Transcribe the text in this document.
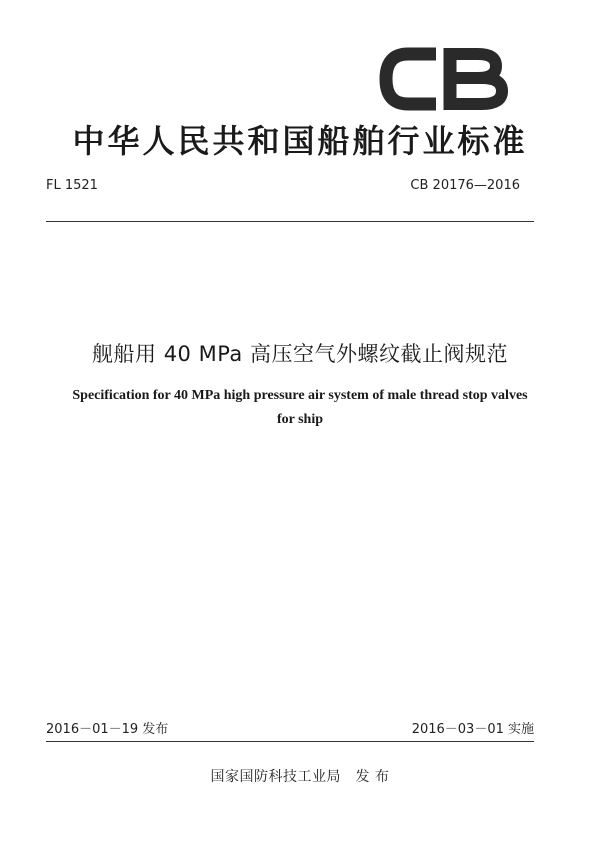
中华人民共和国船舶行业标准
FL 1521	CB 20176—2016
舰船用 40 MPa 高压空气外螺纹截止阀规范
Specification for 40 MPa high pressure air system of male thread stop valves
for ship
2016－01－19 发布	2016－03－01 实施
国家国防科技工业局　发 布
